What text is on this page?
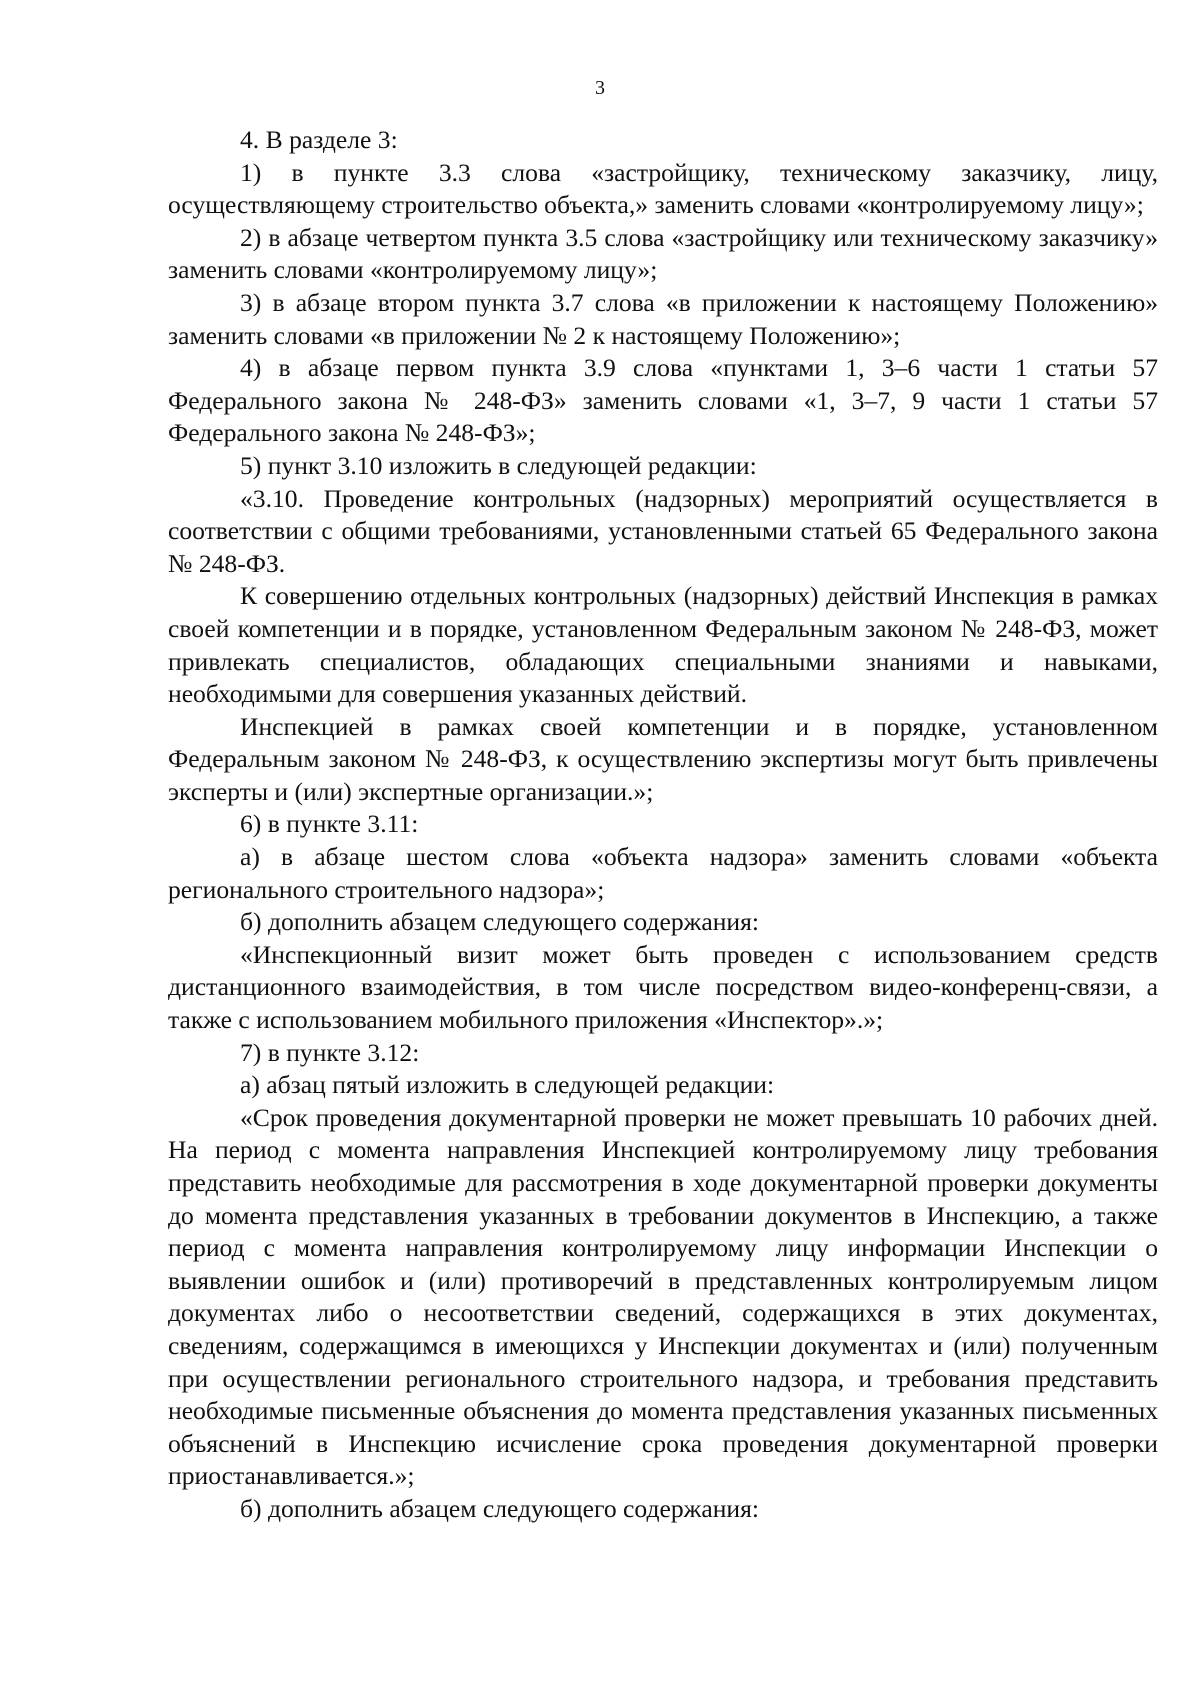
3

4. В разделе 3:

1) в пункте 3.3 слова «застройщику, техническому заказчику, лицу, осуществляющему строительство объекта,» заменить словами «контролируемому лицу»;

2) в абзаце четвертом пункта 3.5 слова «застройщику или техническому заказчику» заменить словами «контролируемому лицу»;

3) в абзаце втором пункта 3.7 слова «в приложении к настоящему Положению» заменить словами «в приложении № 2 к настоящему Положению»;

4) в абзаце первом пункта 3.9 слова «пунктами 1, 3–6 части 1 статьи 57 Федерального закона № 248-ФЗ» заменить словами «1, 3–7, 9 части 1 статьи 57 Федерального закона № 248-ФЗ»;

5) пункт 3.10 изложить в следующей редакции:

«3.10. Проведение контрольных (надзорных) мероприятий осуществляется в соответствии с общими требованиями, установленными статьей 65 Федерального закона № 248-ФЗ.

К совершению отдельных контрольных (надзорных) действий Инспекция в рамках своей компетенции и в порядке, установленном Федеральным законом № 248-ФЗ, может привлекать специалистов, обладающих специальными знаниями и навыками, необходимыми для совершения указанных действий.

Инспекцией в рамках своей компетенции и в порядке, установленном Федеральным законом № 248-ФЗ, к осуществлению экспертизы могут быть привлечены эксперты и (или) экспертные организации.»;

6) в пункте 3.11:

а) в абзаце шестом слова «объекта надзора» заменить словами «объекта регионального строительного надзора»;

б) дополнить абзацем следующего содержания:

«Инспекционный визит может быть проведен с использованием средств дистанционного взаимодействия, в том числе посредством видео-конференц-связи, а также с использованием мобильного приложения «Инспектор».»;

7) в пункте 3.12:

а) абзац пятый изложить в следующей редакции:

«Срок проведения документарной проверки не может превышать 10 рабочих дней. На период с момента направления Инспекцией контролируемому лицу требования представить необходимые для рассмотрения в ходе документарной проверки документы до момента представления указанных в требовании документов в Инспекцию, а также период с момента направления контролируемому лицу информации Инспекции о выявлении ошибок и (или) противоречий в представленных контролируемым лицом документах либо о несоответствии сведений, содержащихся в этих документах, сведениям, содержащимся в имеющихся у Инспекции документах и (или) полученным при осуществлении регионального строительного надзора, и требования представить необходимые письменные объяснения до момента представления указанных письменных объяснений в Инспекцию исчисление срока проведения документарной проверки приостанавливается.»;

б) дополнить абзацем следующего содержания:
